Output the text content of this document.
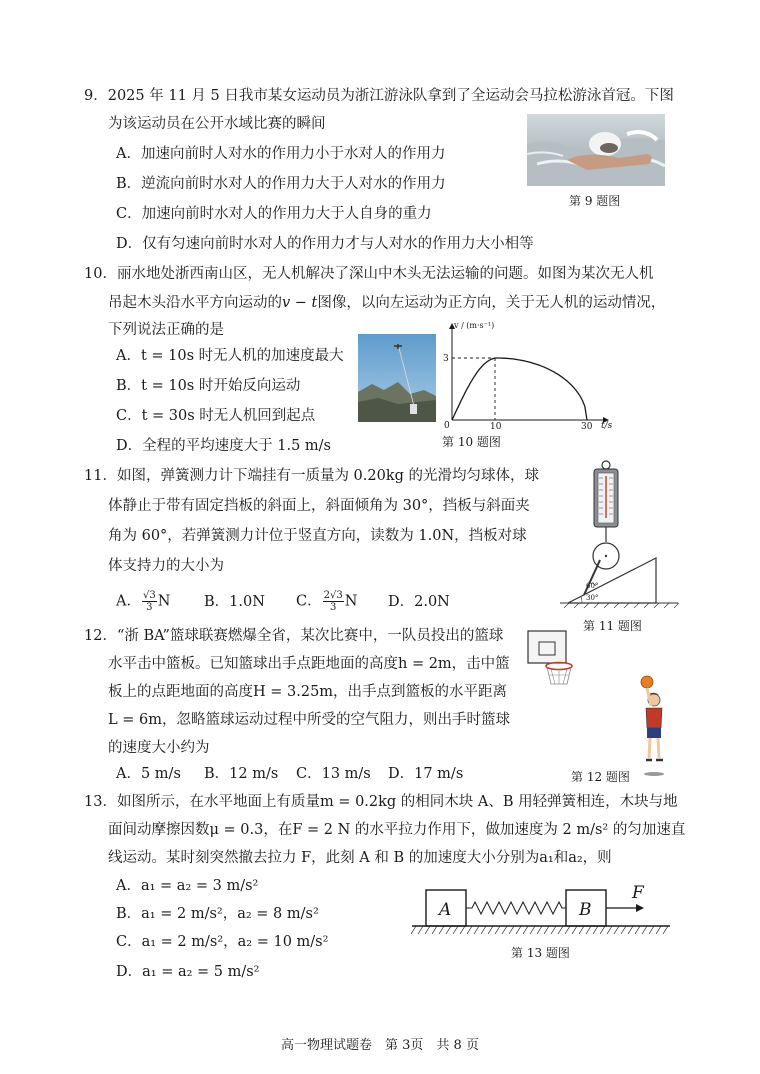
9．2025 年 11 月 5 日我市某女运动员为浙江游泳队拿到了全运动会马拉松游泳首冠。下图
为该运动员在公开水域比赛的瞬间
A．加速向前时人对水的作用力小于水对人的作用力
B．逆流向前时水对人的作用力大于人对水的作用力
C．加速向前时水对人的作用力大于人自身的重力
D．仅有匀速向前时水对人的作用力才与人对水的作用力大小相等
第 9 题图
10．丽水地处浙西南山区，无人机解决了深山中木头无法运输的问题。如图为某次无人机
吊起木头沿水平方向运动的v − t图像，以向左运动为正方向，关于无人机的运动情况，
下列说法正确的是
A．t = 10s 时无人机的加速度最大
B．t = 10s 时开始反向运动
C．t = 30s 时无人机回到起点
D．全程的平均速度大于 1.5 m/s
v / (m·s⁻¹)
t/s
3
0	10	30
第 10 题图
11．如图，弹簧测力计下端挂有一质量为 0.20kg 的光滑均匀球体，球
体静止于带有固定挡板的斜面上，斜面倾角为 30°，挡板与斜面夹
角为 60°，若弹簧测力计位于竖直方向，读数为 1.0N，挡板对球
体支持力的大小为
A． $\frac{√3}{3}$ N B．1.0N C． $\frac{2√3}{3}$ N D．2.0N
60°
30°
第 11 题图
12．“浙 BA”篮球联赛燃爆全省，某次比赛中，一队员投出的篮球
水平击中篮板。已知篮球出手点距地面的高度h = 2m，击中篮
板上的点距地面的高度H = 3.25m，出手点到篮板的水平距离
L = 6m，忽略篮球运动过程中所受的空气阻力，则出手时篮球
的速度大小约为
A．5 m/s B．12 m/s C．13 m/s D．17 m/s	第 12 题图
13．如图所示，在水平地面上有质量m = 0.2kg 的相同木块 A、B 用轻弹簧相连，木块与地
面间动摩擦因数μ = 0.3，在F = 2 N 的水平拉力作用下，做加速度为 2 m/s² 的匀加速直
线运动。某时刻突然撤去拉力 F，此刻 A 和 B 的加速度大小分别为a₁和a₂，则
A．a₁ = a₂ = 3 m/s²
B．a₁ = 2 m/s²，a₂ = 8 m/s²
C．a₁ = 2 m/s²，a₂ = 10 m/s²
D．a₁ = a₂ = 5 m/s²
A	B
F
第 13 题图
高一物理试题卷　第 3页　共 8 页
